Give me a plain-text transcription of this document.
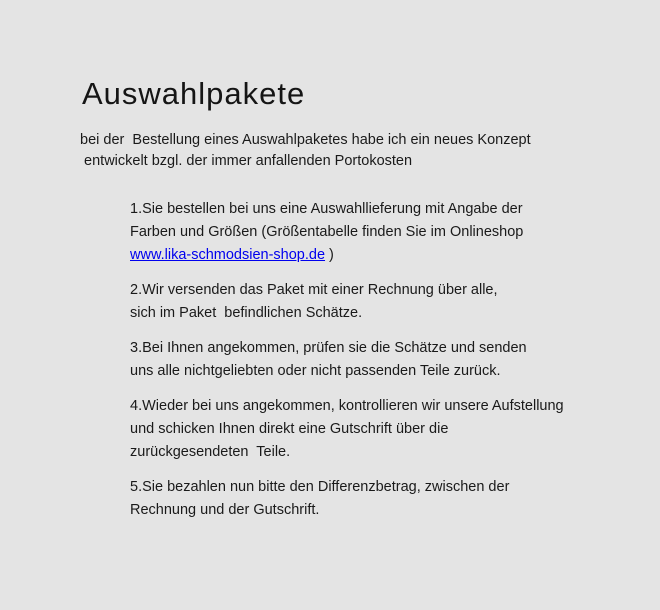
Auswahlpakete

bei der  Bestellung eines Auswahlpaketes habe ich ein neues Konzept
entwickelt bzgl. der immer anfallenden Portokosten

1.Sie bestellen bei uns eine Auswahllieferung mit Angabe der
Farben und Größen (Größentabelle finden Sie im Onlineshop
www.lika-schmodsien-shop.de )

2.Wir versenden das Paket mit einer Rechnung über alle,
sich im Paket  befindlichen Schätze.

3.Bei Ihnen angekommen, prüfen sie die Schätze und senden
uns alle nichtgeliebten oder nicht passenden Teile zurück.

4.Wieder bei uns angekommen, kontrollieren wir unsere Aufstellung
und schicken Ihnen direkt eine Gutschrift über die
zurückgesendeten  Teile.

5.Sie bezahlen nun bitte den Differenzbetrag, zwischen der
Rechnung und der Gutschrift.
